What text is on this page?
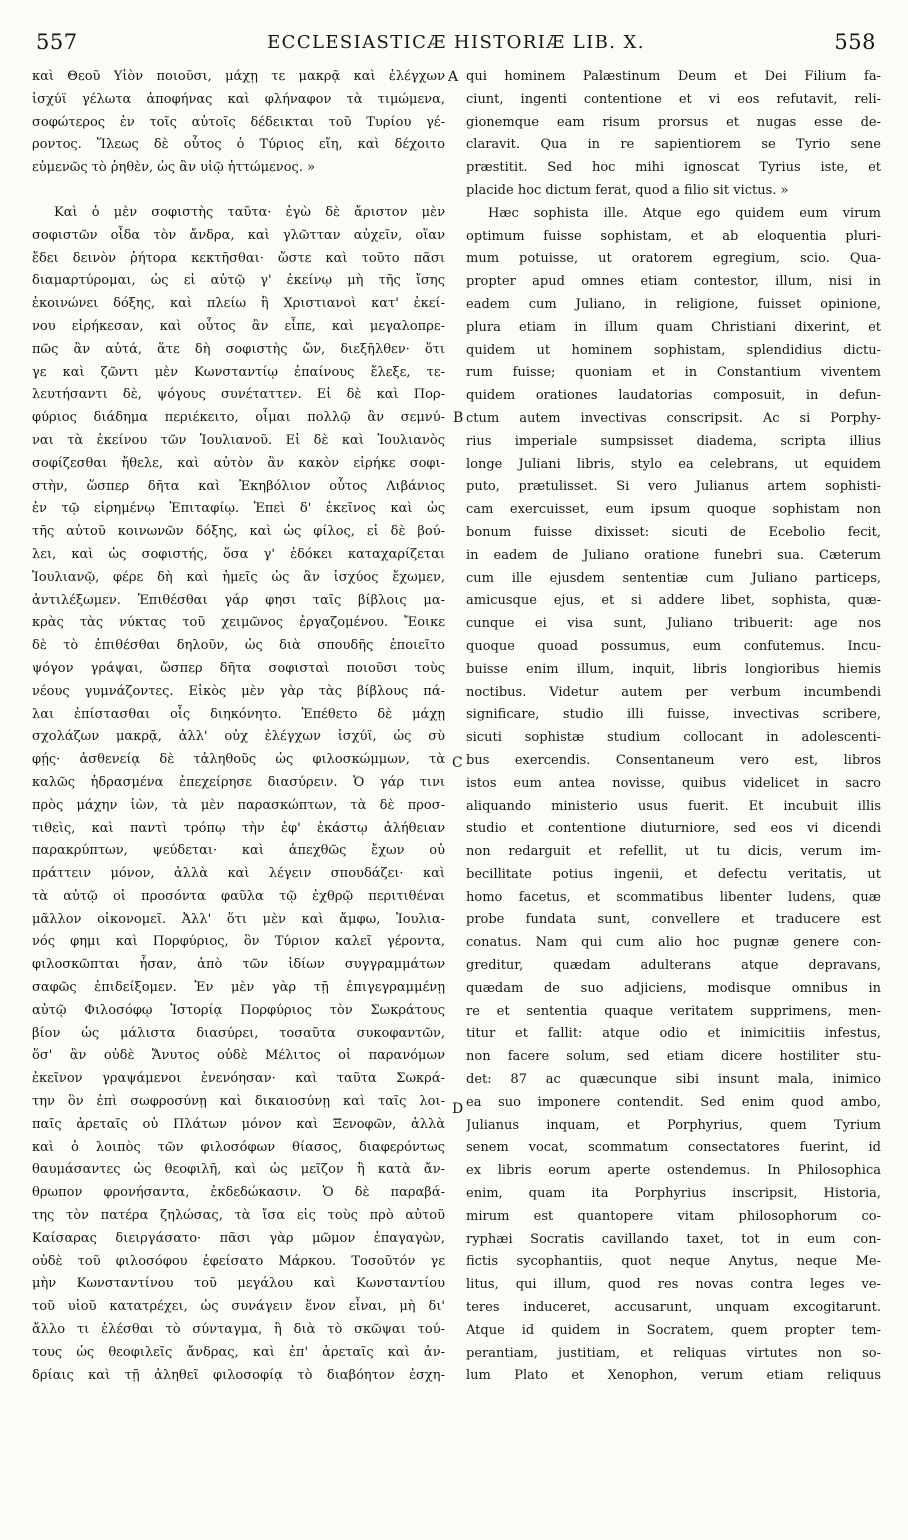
557	ECCLESIASTICÆ HISTORIÆ LIB. X.	558
A
B
C
D
καὶ Θεοῦ Υἱὸν ποιοῦσι, μάχῃ τε μακρᾷ καὶ ἐλέγχων
ἰσχύϊ γέλωτα ἀποφήνας καὶ φλήναφον τὰ τιμώμενα,
σοφώτερος ἐν τοῖς αὐτοῖς δέδεικται τοῦ Τυρίου γέ-
ροντος. Ἵλεως δὲ οὗτος ὁ Τύριος εἴη, καὶ δέχοιτο
εὐμενῶς τὸ ῥηθὲν, ὡς ἂν υἱῷ ἡττώμενος. »
Καὶ ὁ μὲν σοφιστὴς ταῦτα· ἐγὼ δὲ ἄριστον μὲν
σοφιστῶν οἶδα τὸν ἄνδρα, καὶ γλῶτταν αὐχεῖν, οἵαν
ἔδει δεινὸν ῥήτορα κεκτῆσθαι· ὥστε καὶ τοῦτο πᾶσι
διαμαρτύρομαι, ὡς εἰ αὐτῷ γ' ἐκείνῳ μὴ τῆς ἴσης
ἐκοινώνει δόξης, καὶ πλείω ἢ Χριστιανοὶ κατ' ἐκεί-
νου εἰρήκεσαν, καὶ οὗτος ἂν εἶπε, καὶ μεγαλοπρε-
πῶς ἂν αὐτά, ἅτε δὴ σοφιστὴς ὤν, διεξῆλθεν· ὅτι
γε καὶ ζῶντι μὲν Κωνσταντίῳ ἐπαίνους ἔλεξε, τε-
λευτήσαντι δὲ, ψόγους συνέταττεν. Εἰ δὲ καὶ Πορ-
φύριος διάδημα περιέκειτο, οἶμαι πολλῷ ἂν σεμνύ-
ναι τὰ ἐκείνου τῶν Ἰουλιανοῦ. Εἰ δὲ καὶ Ἰουλιανὸς
σοφίζεσθαι ἤθελε, καὶ αὐτὸν ἂν κακὸν εἰρήκε σοφι-
στὴν, ὥσπερ δῆτα καὶ Ἐκηβόλιον οὗτος Λιβάνιος
ἐν τῷ εἰρημένῳ Ἐπιταφίῳ. Ἐπεὶ δ' ἐκεῖνος καὶ ὡς
τῆς αὐτοῦ κοινωνῶν δόξης, καὶ ὡς φίλος, εἰ δὲ βού-
λει, καὶ ὡς σοφιστής, ὅσα γ' ἐδόκει καταχαρίζεται
Ἰουλιανῷ, φέρε δὴ καὶ ἡμεῖς ὡς ἂν ἰσχύος ἔχωμεν,
ἀντιλέξωμεν. Ἐπιθέσθαι γάρ φησι ταῖς βίβλοις μα-
κρὰς τὰς νύκτας τοῦ χειμῶνος ἐργαζομένου. Ἔοικε
δὲ τὸ ἐπιθέσθαι δηλοῦν, ὡς διὰ σπουδῆς ἐποιεῖτο
ψόγον γράψαι, ὥσπερ δῆτα σοφισταὶ ποιοῦσι τοὺς
νέους γυμνάζοντες. Εἰκὸς μὲν γὰρ τὰς βίβλους πά-
λαι ἐπίστασθαι οἷς διηκόνητο. Ἐπέθετο δὲ μάχῃ
σχολάζων μακρᾷ, ἀλλ' οὐχ ἐλέγχων ἰσχύϊ, ὡς σὺ
φῄς· ἀσθενείᾳ δὲ τἀληθοῦς ὡς φιλοσκώμμων, τὰ
καλῶς ἡδρασμένα ἐπεχείρησε διασύρειν. Ὁ γάρ τινι
πρὸς μάχην ἰὼν, τὰ μὲν παρασκώπτων, τὰ δὲ προσ-
τιθεὶς, καὶ παντὶ τρόπῳ τὴν ἐφ' ἑκάστῳ ἀλήθειαν
παρακρύπτων, ψεύδεται· καὶ ἀπεχθῶς ἔχων οὐ
πράττειν μόνον, ἀλλὰ καὶ λέγειν σπουδάζει· καὶ
τὰ αὐτῷ οἱ προσόντα φαῦλα τῷ ἐχθρῷ περιτιθέναι
μᾶλλον οἰκονομεῖ. Ἀλλ' ὅτι μὲν καὶ ἄμφω, Ἰουλια-
νός φημι καὶ Πορφύριος, ὃν Τύριον καλεῖ γέροντα,
φιλοσκῶπται ἦσαν, ἀπὸ τῶν ἰδίων συγγραμμάτων
σαφῶς ἐπιδείξομεν. Ἐν μὲν γὰρ τῇ ἐπιγεγραμμένῃ
αὐτῷ Φιλοσόφῳ Ἱστορίᾳ Πορφύριος τὸν Σωκράτους
βίον ὡς μάλιστα διασύρει, τοσαῦτα συκοφαντῶν,
ὅσ' ἂν οὐδὲ Ἄνυτος οὐδὲ Μέλιτος οἱ παρανόμων
ἐκεῖνον γραψάμενοι ἐνενόησαν· καὶ ταῦτα Σωκρά-
την ὃν ἐπὶ σωφροσύνῃ καὶ δικαιοσύνῃ καὶ ταῖς λοι-
παῖς ἀρεταῖς οὐ Πλάτων μόνον καὶ Ξενοφῶν, ἀλλὰ
καὶ ὁ λοιπὸς τῶν φιλοσόφων θίασος, διαφερόντως
θαυμάσαντες ὡς θεοφιλῆ, καὶ ὡς μεῖζον ἢ κατὰ ἄν-
θρωπον φρονήσαντα, ἐκδεδώκασιν. Ὁ δὲ παραβά-
της τὸν πατέρα ζηλώσας, τὰ ἴσα εἰς τοὺς πρὸ αὐτοῦ
Καίσαρας διειργάσατο· πᾶσι γὰρ μῶμον ἐπαγαγὼν,
οὐδὲ τοῦ φιλοσόφου ἐφείσατο Μάρκου. Τοσοῦτόν γε
μὴν Κωνσταντίνου τοῦ μεγάλου καὶ Κωνσταντίου
τοῦ υἱοῦ κατατρέχει, ὡς συνάγειν ἕνον εἶναι, μὴ δι'
ἄλλο τι ἑλέσθαι τὸ σύνταγμα, ἢ διὰ τὸ σκῶψαι τού-
τους ὡς θεοφιλεῖς ἄνδρας, καὶ ἐπ' ἀρεταῖς καὶ ἀν-
δρίαις καὶ τῇ ἀληθεῖ φιλοσοφίᾳ τὸ διαβόητον ἐσχη-
qui hominem Palæstinum Deum et Dei Filium fa-
ciunt, ingenti contentione et vi eos refutavit, reli-
gionemque eam risum prorsus et nugas esse de-
claravit. Qua in re sapientiorem se Tyrio sene
præstitit. Sed hoc mihi ignoscat Tyrius iste, et
placide hoc dictum ferat, quod a filio sit victus. »
Hæc sophista ille. Atque ego quidem eum virum
optimum fuisse sophistam, et ab eloquentia pluri-
mum potuisse, ut oratorem egregium, scio. Qua-
propter apud omnes etiam contestor, illum, nisi in
eadem cum Juliano, in religione, fuisset opinione,
plura etiam in illum quam Christiani dixerint, et
quidem ut hominem sophistam, splendidius dictu-
rum fuisse; quoniam et in Constantium viventem
quidem orationes laudatorias composuit, in defun-
ctum autem invectivas conscripsit. Ac si Porphy-
rius imperiale sumpsisset diadema, scripta illius
longe Juliani libris, stylo ea celebrans, ut equidem
puto, prætulisset. Si vero Julianus artem sophisti-
cam exercuisset, eum ipsum quoque sophistam non
bonum fuisse dixisset: sicuti de Ecebolio fecit,
in eadem de Juliano oratione funebri sua. Cæterum
cum ille ejusdem sententiæ cum Juliano particeps,
amicusque ejus, et si addere libet, sophista, quæ-
cunque ei visa sunt, Juliano tribuerit: age nos
quoque quoad possumus, eum confutemus. Incu-
buisse enim illum, inquit, libris longioribus hiemis
noctibus. Videtur autem per verbum incumbendi
significare, studio illi fuisse, invectivas scribere,
sicuti sophistæ studium collocant in adolescenti-
bus exercendis. Consentaneum vero est, libros
istos eum antea novisse, quibus videlicet in sacro
aliquando ministerio usus fuerit. Et incubuit illis
studio et contentione diuturniore, sed eos vi dicendi
non redarguit et refellit, ut tu dicis, verum im-
becillitate potius ingenii, et defectu veritatis, ut
homo facetus, et scommatibus libenter ludens, quæ
probe fundata sunt, convellere et traducere est
conatus. Nam qui cum alio hoc pugnæ genere con-
greditur, quædam adulterans atque depravans,
quædam de suo adjiciens, modisque omnibus in
re et sententia quaque veritatem supprimens, men-
titur et fallit: atque odio et inimicitiis infestus,
non facere solum, sed etiam dicere hostiliter stu-
det: 87 ac quæcunque sibi insunt mala, inimico
ea suo imponere contendit. Sed enim quod ambo,
Julianus inquam, et Porphyrius, quem Tyrium
senem vocat, scommatum consectatores fuerint, id
ex libris eorum aperte ostendemus. In Philosophica
enim, quam ita Porphyrius inscripsit, Historia,
mirum est quantopere vitam philosophorum co-
ryphæi Socratis cavillando taxet, tot in eum con-
fictis sycophantiis, quot neque Anytus, neque Me-
litus, qui illum, quod res novas contra leges ve-
teres induceret, accusarunt, unquam excogitarunt.
Atque id quidem in Socratem, quem propter tem-
perantiam, justitiam, et reliquas virtutes non so-
lum Plato et Xenophon, verum etiam reliquus
